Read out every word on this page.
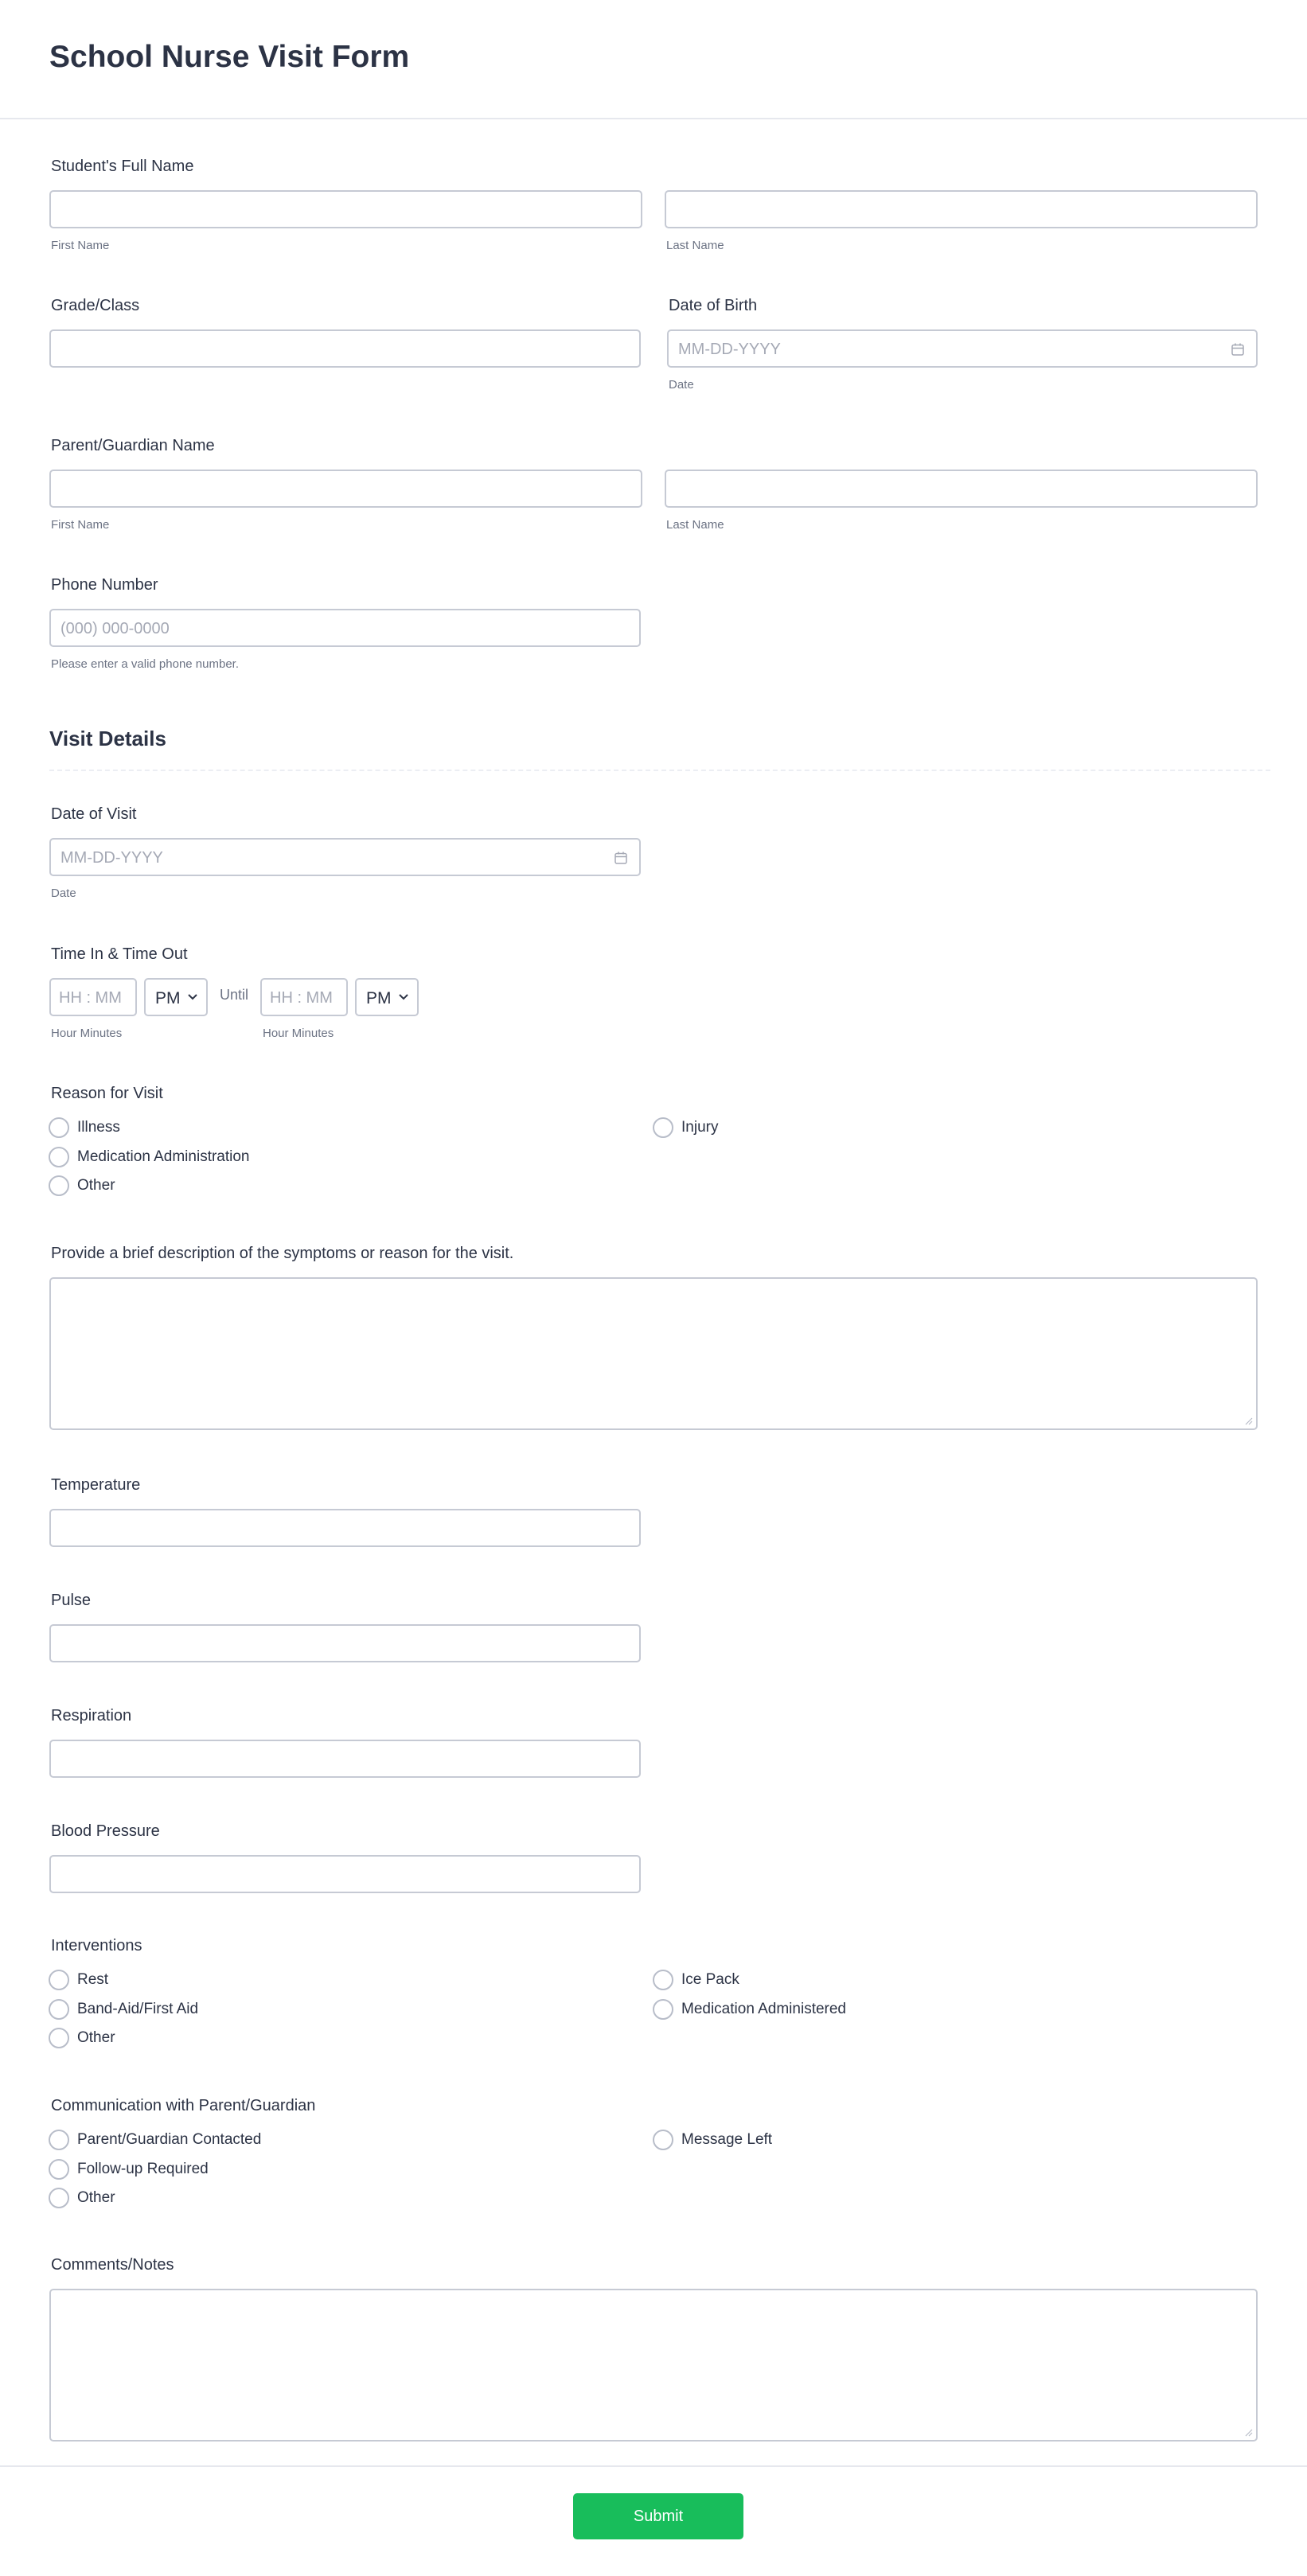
School Nurse Visit Form
Student's Full Name
First Name	Last Name
Grade/Class	Date of Birth
MM-DD-YYYY
Date
Parent/Guardian Name
First Name	Last Name
Phone Number
(000) 000-0000
Please enter a valid phone number.
Visit Details
Date of Visit
MM-DD-YYYY
Date
Time In & Time Out
HH : MM PM	Until HH : MM PM
Hour Minutes	Hour Minutes
Reason for Visit
Illness	Injury
Medication Administration
Other
Provide a brief description of the symptoms or reason for the visit.
Temperature
Pulse
Respiration
Blood Pressure
Interventions
Rest	Ice Pack
Band-Aid/First Aid	Medication Administered
Other
Communication with Parent/Guardian
Parent/Guardian Contacted	Message Left
Follow-up Required
Other
Comments/Notes
Submit
